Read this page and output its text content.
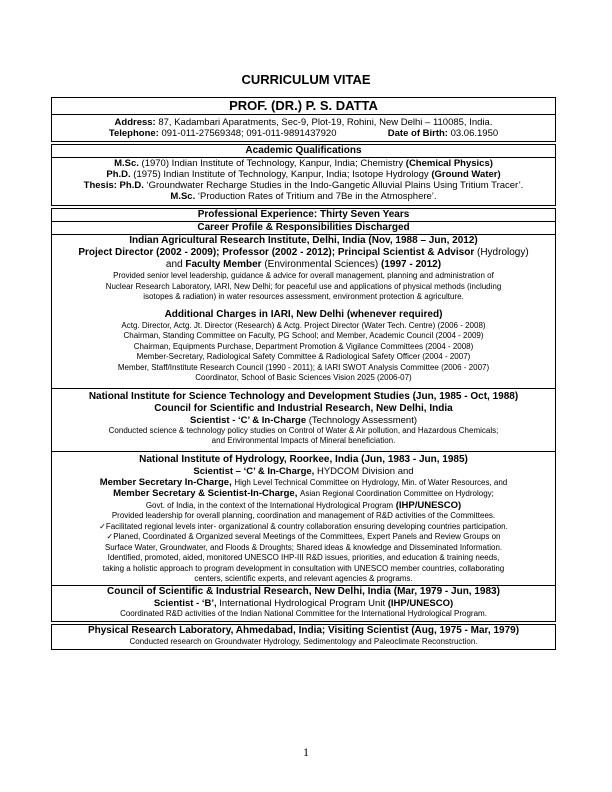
CURRICULUM VITAE
PROF. (DR.) P. S. DATTA
Address: 87, Kadambari Aparatments, Sec-9, Plot-19, Rohini, New Delhi – 110085, India.
Telephone: 091-011-27569348; 091-011-9891437920	Date of Birth: 03.06.1950
Academic Qualifications
M.Sc. (1970) Indian Institute of Technology, Kanpur, India; Chemistry (Chemical Physics)
Ph.D. (1975) Indian Institute of Technology, Kanpur, India; Isotope Hydrology (Ground Water)
Thesis: Ph.D. ‘Groundwater Recharge Studies in the Indo-Gangetic Alluvial Plains Using Tritium Tracer’.
M.Sc. ‘Production Rates of Tritium and 7Be in the Atmosphere’.
Professional Experience: Thirty Seven Years
Career Profile & Responsibilities Discharged
Indian Agricultural Research Institute, Delhi, India (Nov, 1988 – Jun, 2012)
Project Director (2002 - 2009); Professor (2002 - 2012); Principal Scientist & Advisor (Hydrology)
and Faculty Member (Environmental Sciences) (1997 - 2012)
Provided senior level leadership, guidance & advice for overall management, planning and administration of
Nuclear Research Laboratory, IARI, New Delhi; for peaceful use and applications of physical methods (including
isotopes & radiation) in water resources assessment, environment protection & agriculture.
Additional Charges in IARI, New Delhi (whenever required)
Actg. Director, Actg. Jt. Director (Research) & Actg. Project Director (Water Tech. Centre) (2006 - 2008)
Chairman, Standing Committee on Faculty, PG School; and Member, Academic Council (2004 - 2009)
Chairman, Equipments Purchase, Department Promotion & Vigilance Committees (2004 - 2008)
Member-Secretary, Radiological Safety Committee & Radiological Safety Officer (2004 - 2007)
Member, Staff/Institute Research Council (1990 - 2011); & IARI SWOT Analysis Committee (2006 - 2007)
Coordinator, School of Basic Sciences Vision 2025 (2006-07)
National Institute for Science Technology and Development Studies (Jun, 1985 - Oct, 1988)
Council for Scientific and Industrial Research, New Delhi, India
Scientist - ‘C’ & In-Charge (Technology Assessment)
Conducted science & technology policy studies on Control of Water & Air pollution, and Hazardous Chemicals;
and Environmental Impacts of Mineral beneficiation.
National Institute of Hydrology, Roorkee, India (Jun, 1983 - Jun, 1985)
Scientist – ‘C’ & In-Charge, HYDCOM Division and
Member Secretary In-Charge, High Level Technical Committee on Hydrology, Min. of Water Resources, and
Member Secretary & Scientist-In-Charge, Asian Regional Coordination Committee on Hydrology;
Govt. of India, in the context of the International Hydrological Program (IHP/UNESCO)
Provided leadership for overall planning, coordination and management of R&D activities of the Committees.
✓Facilitated regional levels inter- organizational & country collaboration ensuring developing countries participation.
✓Planed, Coordinated & Organized several Meetings of the Committees, Expert Panels and Review Groups on
Surface Water, Groundwater, and Floods & Droughts; Shared ideas & knowledge and Disseminated Information.
Identified, promoted, aided, monitored UNESCO IHP-III R&D issues, priorities, and education & training needs,
taking a holistic approach to program development in consultation with UNESCO member countries, collaborating
centers, scientific experts, and relevant agencies & programs.
Council of Scientific & Industrial Research, New Delhi, India (Mar, 1979 - Jun, 1983)
Scientist - ‘B’, International Hydrological Program Unit (IHP/UNESCO)
Coordinated R&D activities of the Indian National Committee for the International Hydrological Program.
Physical Research Laboratory, Ahmedabad, India; Visiting Scientist (Aug, 1975 - Mar, 1979)
Conducted research on Groundwater Hydrology, Sedimentology and Paleoclimate Reconstruction.
1
